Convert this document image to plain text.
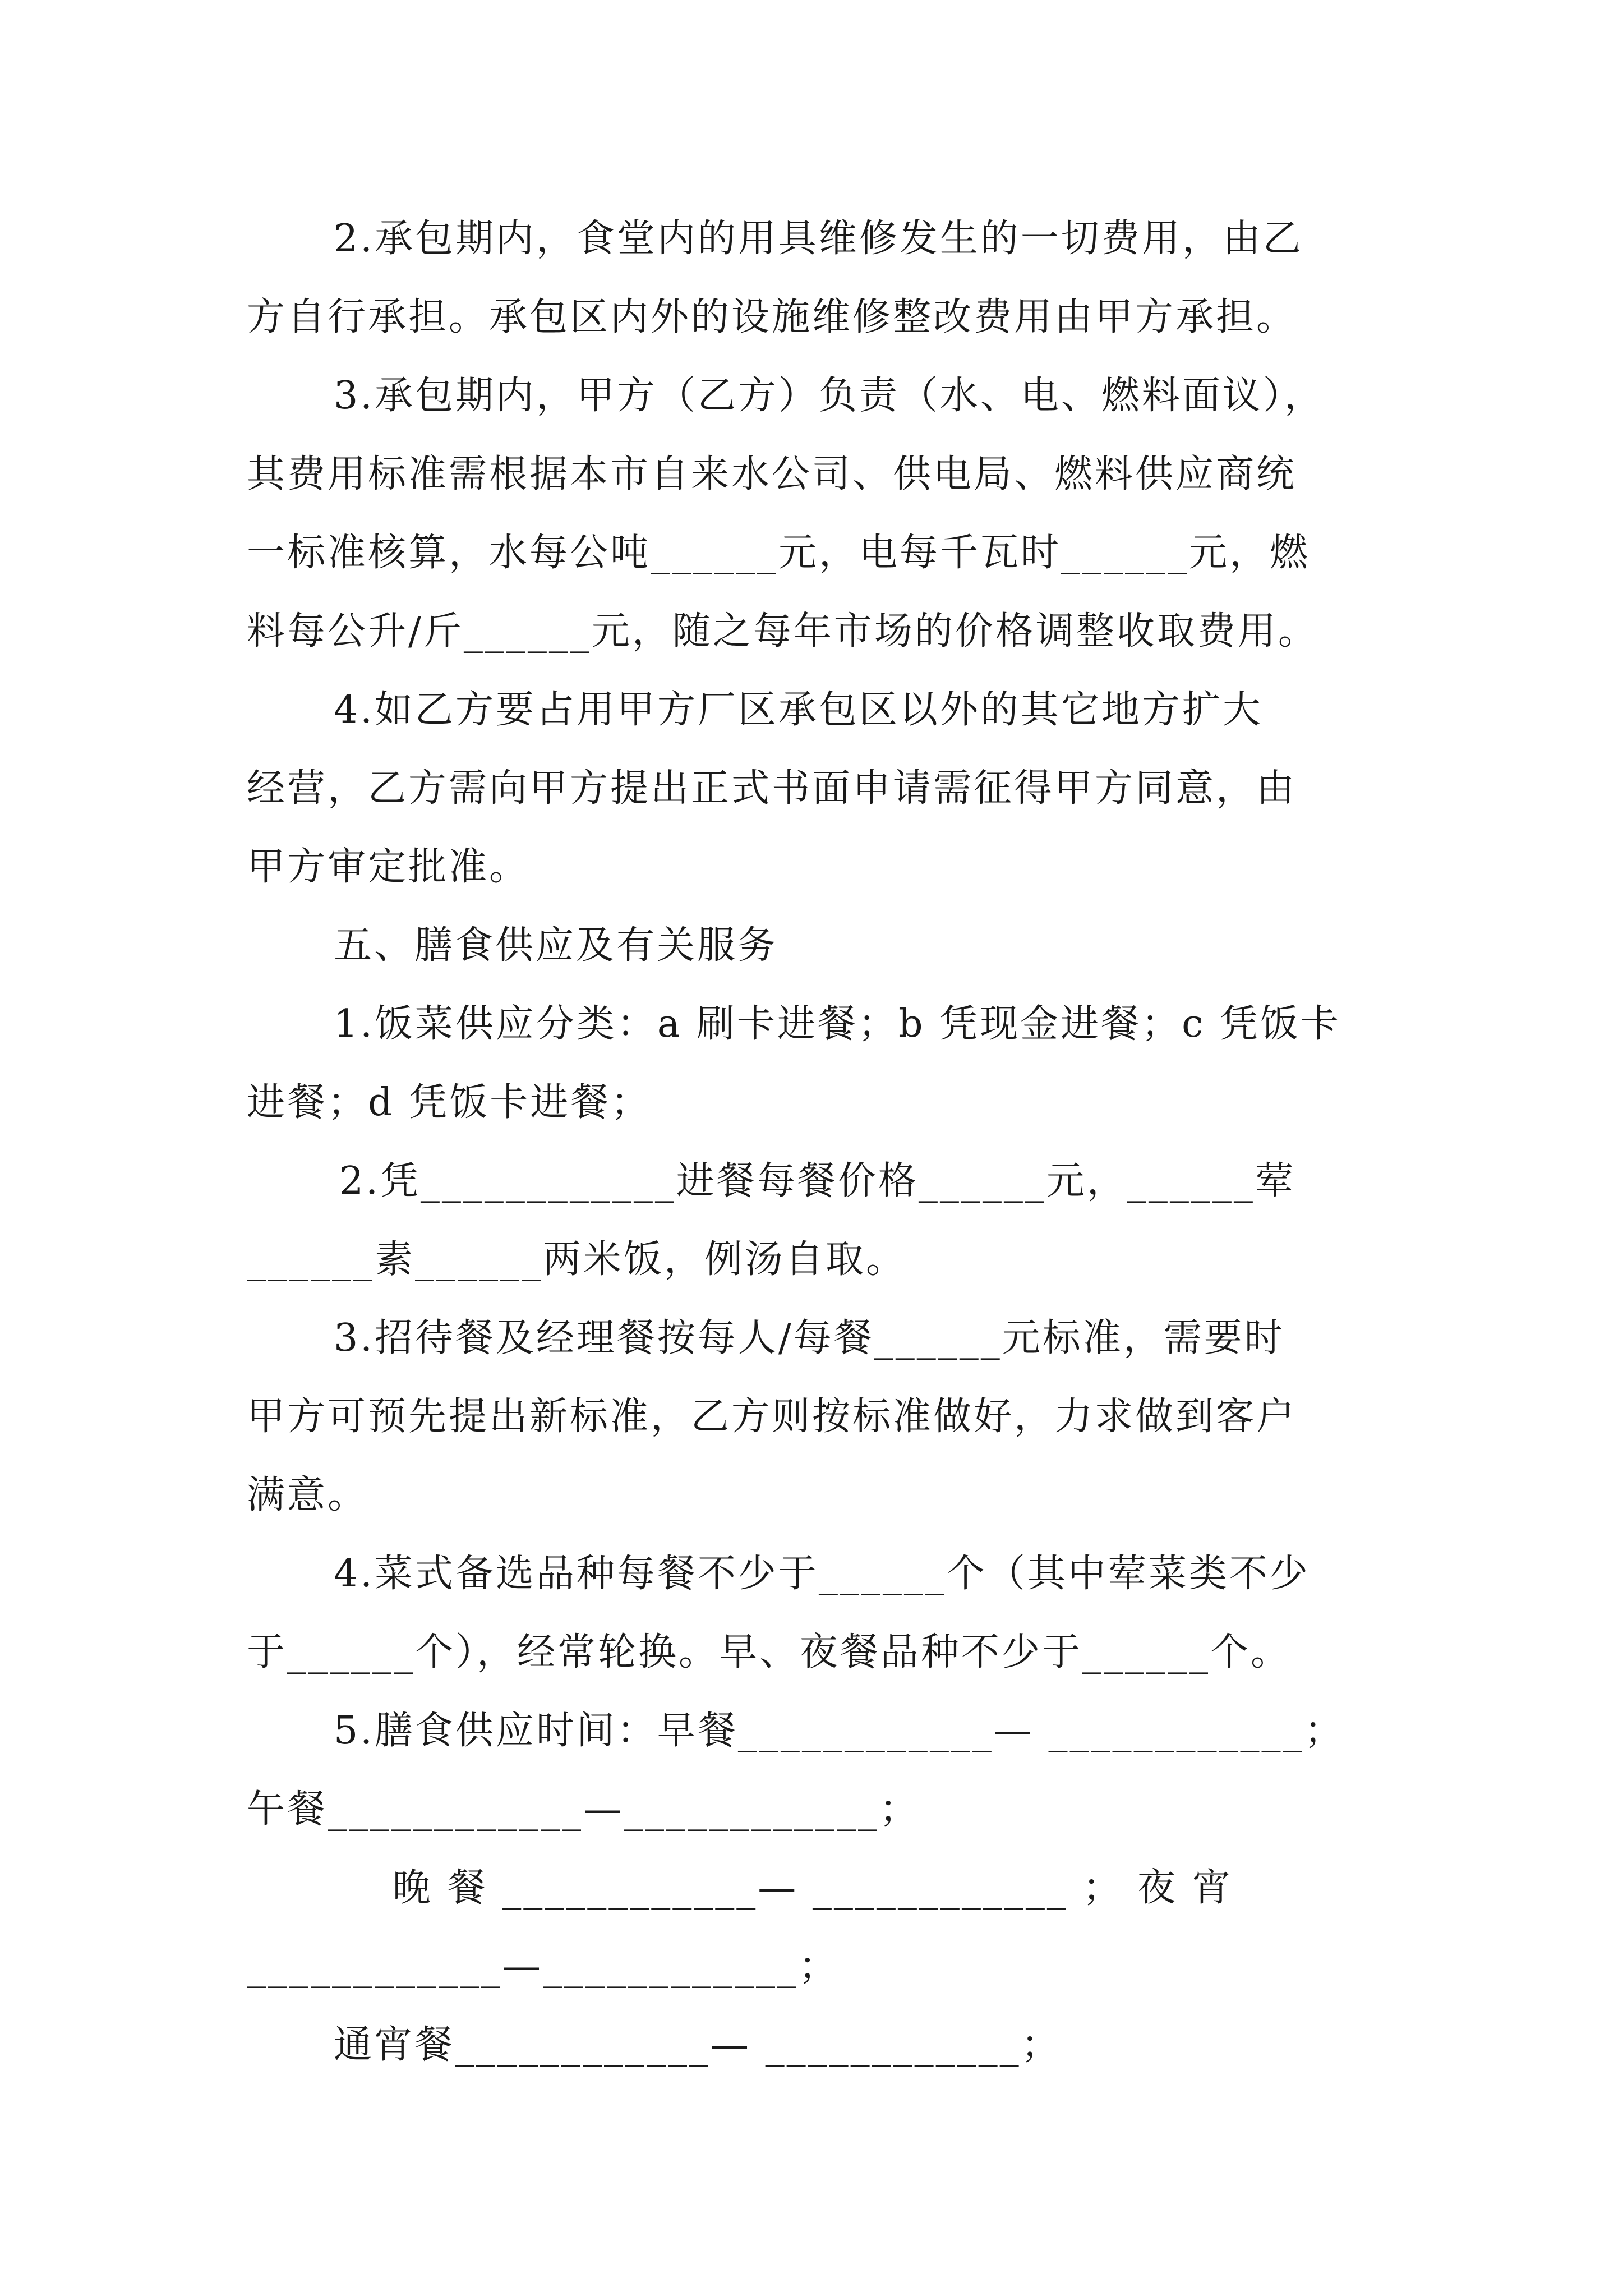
2.承包期内，食堂内的用具维修发生的一切费用，由乙
方自行承担。承包区内外的设施维修整改费用由甲方承担。
3.承包期内，甲方（乙方）负责（水、电、燃料面议），
其费用标准需根据本市自来水公司、供电局、燃料供应商统
一标准核算，水每公吨______元，电每千瓦时______元，燃
料每公升/斤______元，随之每年市场的价格调整收取费用。
4.如乙方要占用甲方厂区承包区以外的其它地方扩大
经营，乙方需向甲方提出正式书面申请需征得甲方同意，由
甲方审定批准。
五、膳食供应及有关服务
1.饭菜供应分类：a 刷卡进餐；b 凭现金进餐；c 凭饭卡
进餐；d 凭饭卡进餐；
2.凭____________进餐每餐价格______元，______荤
______素______两米饭，例汤自取。
3.招待餐及经理餐按每人/每餐______元标准，需要时
甲方可预先提出新标准，乙方则按标准做好，力求做到客户
满意。
4.菜式备选品种每餐不少于______个（其中荤菜类不少
于______个），经常轮换。早、夜餐品种不少于______个。
5.膳食供应时间：早餐____________— ____________；
午餐____________—____________；
晚 餐 ____________— ____________ ； 夜 宵
____________—____________；
通宵餐____________— ____________；
